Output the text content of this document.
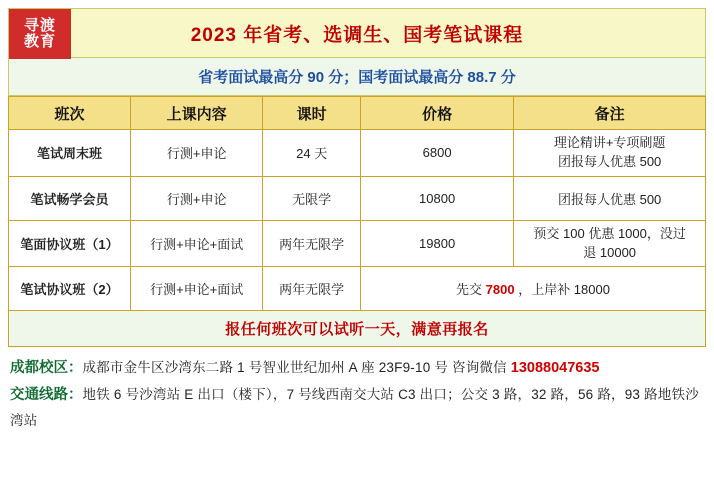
寻渡
教育	2023 年省考、选调生、国考笔试课程
省考面试最高分 90 分；国考面试最高分 88.7 分
班次	上课内容	课时	价格	备注
笔试周末班	行测+申论	24 天	6800	理论精讲+专项刷题
团报每人优惠 500

笔试畅学会员	行测+申论	无限学	10800	团报每人优惠 500
笔面协议班（1）	行测+申论+面试	两年无限学	19800	预交 100 优惠 1000，没过
退 10000

笔试协议班（2）	行测+申论+面试	两年无限学	先交 7800 ，上岸补 18000	
报任何班次可以试听一天，满意再报名
成都校区：成都市金牛区沙湾东二路 1 号智业世纪加州 A 座 23F9-10 号 咨询微信 13088047635
交通线路：地铁 6 号沙湾站 E 出口（楼下），7 号线西南交大站 C3 出口；公交 3 路，32 路，56 路，93 路地铁沙湾站
